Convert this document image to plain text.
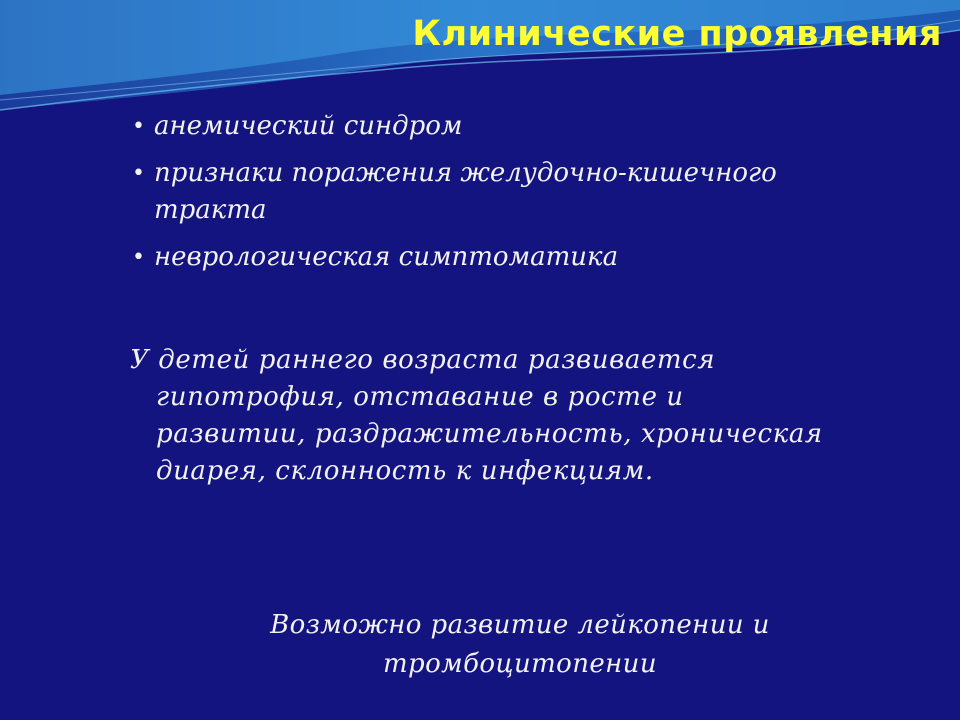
Клинические проявления
• анемический синдром
• признаки поражения желудочно-кишечного тракта
• неврологическая симптоматика

У детей раннего возраста развивается гипотрофия, отставание в росте и развитии, раздражительность, хроническая диарея, склонность к инфекциям.

Возможно развитие лейкопении и тромбоцитопении
